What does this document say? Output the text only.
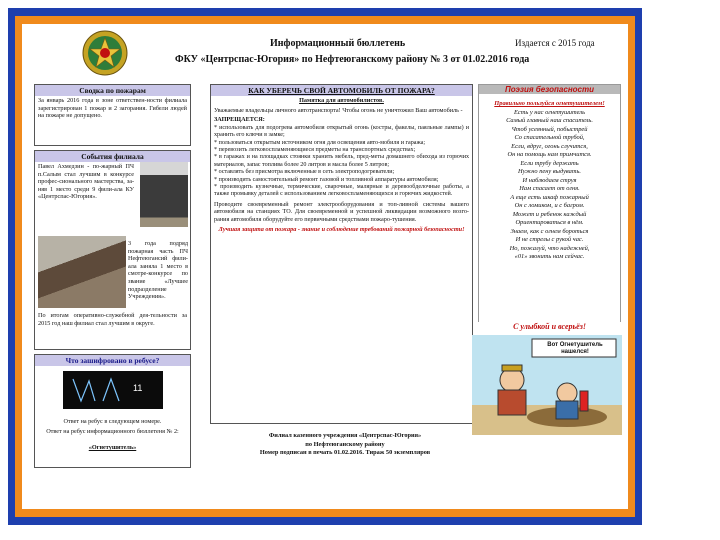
Информационный бюллетень	Издается с 2015 года
ФКУ «Центрспас-Югория» по Нефтеюганскому району № 3 от 01.02.2016 года
Сводка по пожарам
За январь 2016 года в зоне ответствен-ности филиала зарегистрирован 1 пожар и 2 загорания. Гибели людей на пожаре не допущено.
События филиала
Павел Ахмедзин - по-жарный ПЧ п.Салым стал лучшим в конкурсе профес-сионального мастерства, за-няв 1 место среди 9 фили-ала КУ «Центрспас-Югория».
3 года подряд пожарная часть ПЧ Нефтеюгансий фили-ала заняла 1 место в смотре-конкурсе по звание «Лучшее подразделение Учреждения».
По итогам оперативно-служебной дея-тельности за 2015 год наш филиал стал лучшим в округе.
Что зашифровано в ребусе?
11
Ответ на ребус в следующем номере.
Ответ на ребус информационного бюллетеня № 2:
«Огнетушитель»
КАК УБЕРЕЧЬ СВОЙ АВТОМОБИЛЬ ОТ ПОЖАРА?
Памятка для автомобилистов.
Уважаемые владельцы личного автотранспорта! Чтобы огонь не уничтожил Ваш автомобиль -
ЗАПРЕЩАЕТСЯ:
* использовать для подогрева автомобиля открытый огонь (костры, факелы, паяльные лампы) и хранить его ключи в замке;
* пользоваться открытым источником огня для освещения авто-мобиля и гаража;
* перевозить легковоспламеняющиеся предметы на транспортных средствах;
* в гаражах и на площадках стоянки хранить мебель, пред-меты домашнего обихода из горючих материалов, запас топлива более 20 литров и масла более 5 литров;
* оставлять без присмотра включенные в сеть электроподогреватели;
* производить самостоятельный ремонт газовой и топливной аппаратуры автомобиля;
* производить кузнечные, термические, сварочные, малярные и деревообделочные работы, а также промывку деталей с использованием легковоспламеняющихся и горючих жидкостей.
Проводите своевременный ремонт электрооборудования и топ-ливной системы вашего автомобиля на станциях ТО. Для своевременной и успешной ликвидации возможного возго-рания автомобиля оборудуйте его первичными средствами пожаро-тушения.
Лучшая защита от пожара - знание и соблюдение требований пожарной безопасности!
Поэзия безопасности
Правильно пользуйся огнетушителем!
Есть у нас огнетушитель
Самый главный наш спаситель.
Чтоб усеянный, побыстрей
Со спасательной трубой,
Если, вдруг, огонь случится,
Он на помощь нам примчится.
Если трубу держать
Нужно пену выдувать.
И наблюдаем струя
Нам спасает от огня.
А еще есть шкаф пожарный
Он с ломиком, и с багром.
Может и ребенок каждый
Ориентироваться в нём.
Знаем, как с огнем бороться
И не стрелы с рукой час.
Но, пожалуй, что надежней,
«01» звонить нам сейчас.
С улыбкой и всерьёз!
Вот Огнетушитель нашелся!
Филиал казенного учреждения «Центрспас-Югория»
по Нефтеюганскому району
Номер подписан в печать 01.02.2016. Тираж 50 экземпляров
